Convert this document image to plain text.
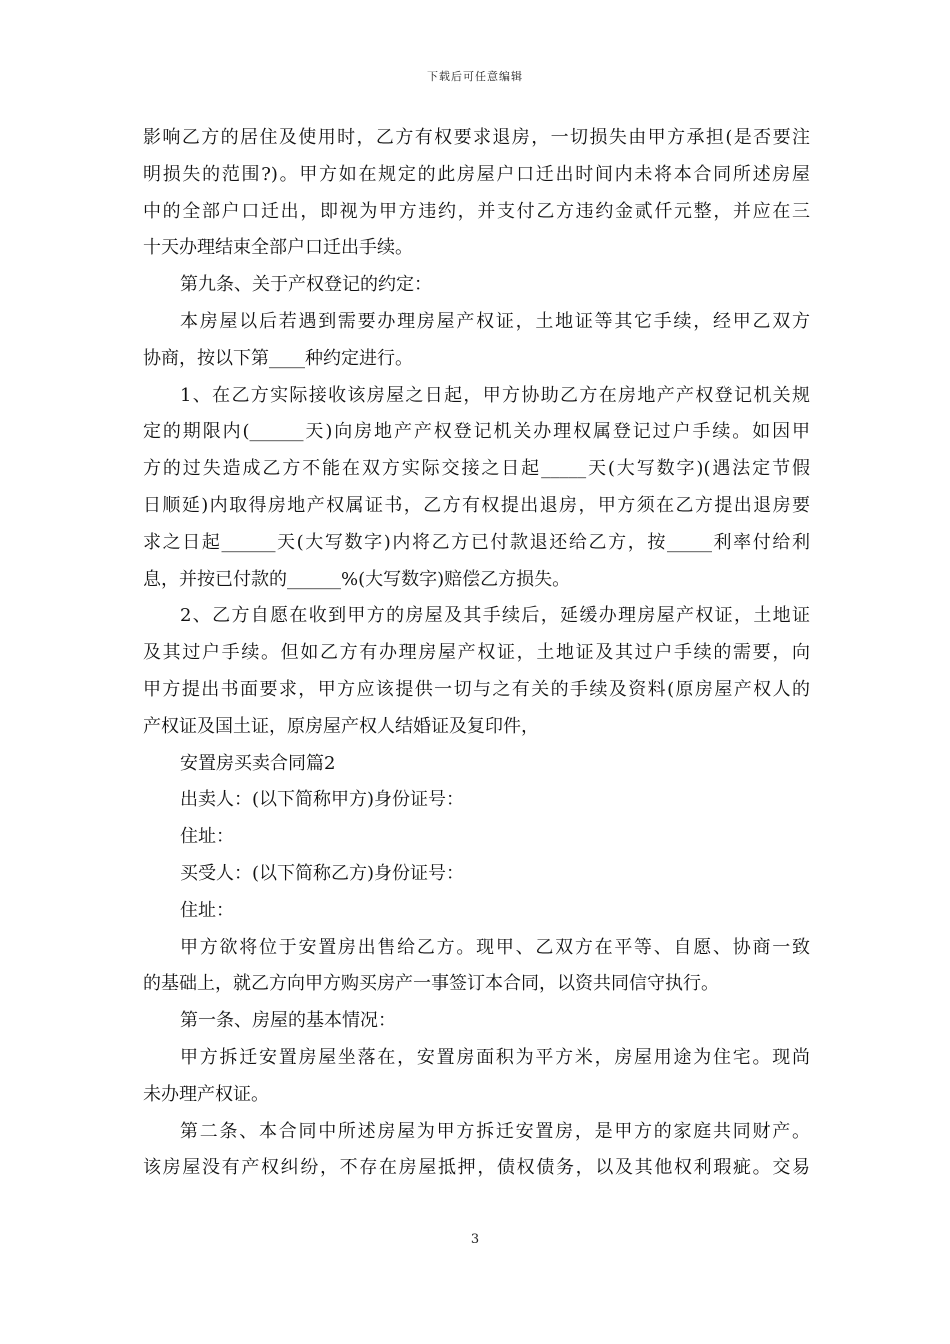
下载后可任意编辑
影响乙方的居住及使用时，乙方有权要求退房，一切损失由甲方承担(是否要注
明损失的范围?)。甲方如在规定的此房屋户口迁出时间内未将本合同所述房屋
中的全部户口迁出，即视为甲方违约，并支付乙方违约金贰仟元整，并应在三
十天办理结束全部户口迁出手续。
第九条、关于产权登记的约定：
本房屋以后若遇到需要办理房屋产权证，土地证等其它手续，经甲乙双方
协商，按以下第____种约定进行。
1、在乙方实际接收该房屋之日起，甲方协助乙方在房地产产权登记机关规
定的期限内(______天)向房地产产权登记机关办理权属登记过户手续。如因甲
方的过失造成乙方不能在双方实际交接之日起_____天(大写数字)(遇法定节假
日顺延)内取得房地产权属证书，乙方有权提出退房，甲方须在乙方提出退房要
求之日起______天(大写数字)内将乙方已付款退还给乙方，按_____利率付给利
息，并按已付款的______%(大写数字)赔偿乙方损失。
2、乙方自愿在收到甲方的房屋及其手续后，延缓办理房屋产权证，土地证
及其过户手续。但如乙方有办理房屋产权证，土地证及其过户手续的需要，向
甲方提出书面要求，甲方应该提供一切与之有关的手续及资料(原房屋产权人的
产权证及国土证，原房屋产权人结婚证及复印件，
安置房买卖合同篇2
出卖人：(以下简称甲方)身份证号：
住址：
买受人：(以下简称乙方)身份证号：
住址：
甲方欲将位于安置房出售给乙方。现甲、乙双方在平等、自愿、协商一致
的基础上，就乙方向甲方购买房产一事签订本合同，以资共同信守执行。
第一条、房屋的基本情况：
甲方拆迁安置房屋坐落在，安置房面积为平方米，房屋用途为住宅。现尚
未办理产权证。
第二条、本合同中所述房屋为甲方拆迁安置房，是甲方的家庭共同财产。
该房屋没有产权纠纷，不存在房屋抵押，债权债务，以及其他权利瑕疵。交易
3
